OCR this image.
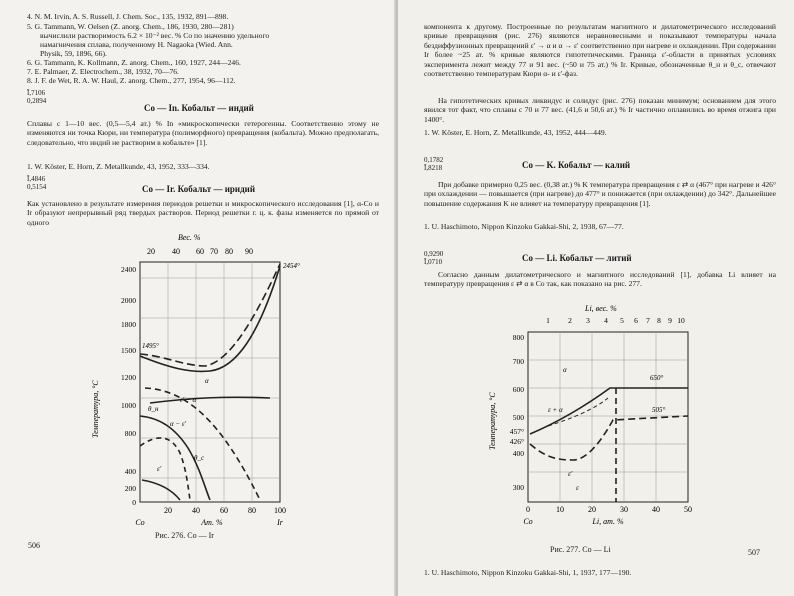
4. N. M. Irvin, A. S. Russell, J. Chem. Soc., 135, 1932, 891—898.
5. G. Tammann, W. Oelsen (Z. anorg. Chem., 186, 1930, 280—281)
вычислили растворимость 6.2 × 10⁻² вес. % Co по значению удельного
намагничения сплава, полученному H. Nagaoka (Wied. Ann.
Physik, 59, 1896, 66).
6. G. Tammann, K. Kollmann, Z. anorg. Chem., 160, 1927, 244—246.
7. E. Palmaer, Z. Electrochem., 38, 1932, 70—76.
8. J. F. de Wet, R. A. W. Haul, Z. anorg. Chem., 277, 1954, 96—112.
Ī,7106
0,2894
Co — In. Кобальт — индий
Сплавы с 1—10 вес. (0,5—5,4 ат.) % In «микроскопически гетерогенны. Соответственно этому не изменяются ни точка Кюри, ни температура (полиморфного) превращения (кобальта). Можно предполагать, следовательно, что индий не растворим в кобальте» [1].
1. W. Köster, E. Horn, Z. Metallkunde, 43, 1952, 333—334.
Ī,4846
0,5154	Co — Ir. Кобальт — иридий
Как установлено в результате измерения периодов решетки и микроскопического исследования [1], α-Co и Ir образуют непрерывный ряд твердых растворов. Период решетки г. ц. к. фазы изменяется по прямой от одного
Вес. %
20 40 60 70 80 90
Температура, °С
2400
2000
1800
1500
1200
1000
800
400
200
0
20	40	60	80 100
Co	Ат. %	Ir
2454°
1495°
α
θ_н
ε' − α
α − ε'
θ_c
ε'
Рис. 276. Co — Ir
506
компонента к другому. Построенные по результатам магнитного и дилатометрического исследований кривые превращения (рис. 276) являются неравновесными и показывают температуры начала бездиффузионных превращений ε' → α и α → ε' соответственно при нагреве и охлаждении. При содержании Ir более ~25 ат. % кривые являются гипотетическими. Граница ε'-области в принятых условиях эксперимента лежит между 77 и 91 вес. (~50 и 75 ат.) % Ir. Кривые, обозначенные θ_н и θ_с, отвечают соответственно температурам Кюри α- и ε'-фаз.
На гипотетических кривых ликвидус и солидус (рис. 276) показан минимум; основанием для этого явился тот факт, что сплавы с 70 и 77 вес. (41,6 и 50,6 ат.) % Ir частично оплавились во время отжига при 1400°.
1. W. Köster, E. Horn, Z. Metallkunde, 43, 1952, 444—449.
0,1782
Ī,8218	Co — K. Кобальт — калий
При добавке примерно 0,25 вес. (0,38 ат.) % K температура превращения ε ⇄ α (467° при нагреве и 426° при охлаждении — повышается (при нагреве) до 477° и понижается (при охлаждении) до 342°. Дальнейшее повышение содержания K не влияет на температуру превращения [1].
1. U. Haschimoto, Nippon Kinzoku Gakkai-Shi, 2, 1938, 67—77.
0,9290
Ī,0710	Co — Li. Кобальт — литий
Согласно данным дилатометрического и магнитного исследований [1], добавка Li влияет на температуру превращения ε ⇄ α в Co так, как показано на рис. 277.
Li, вес. %
1 2 3 4 5 6 7 8 9 10
Температура, °С
800
700
600
500
457°
426°
400
300
0	10	20	30	40	50
Co	Li, ат. %
650°
505°
α
ε + α
ε'
ε
Рис. 277. Co — Li
1. U. Haschimoto, Nippon Kinzoku Gakkai-Shi, 1, 1937, 177—190.
507
